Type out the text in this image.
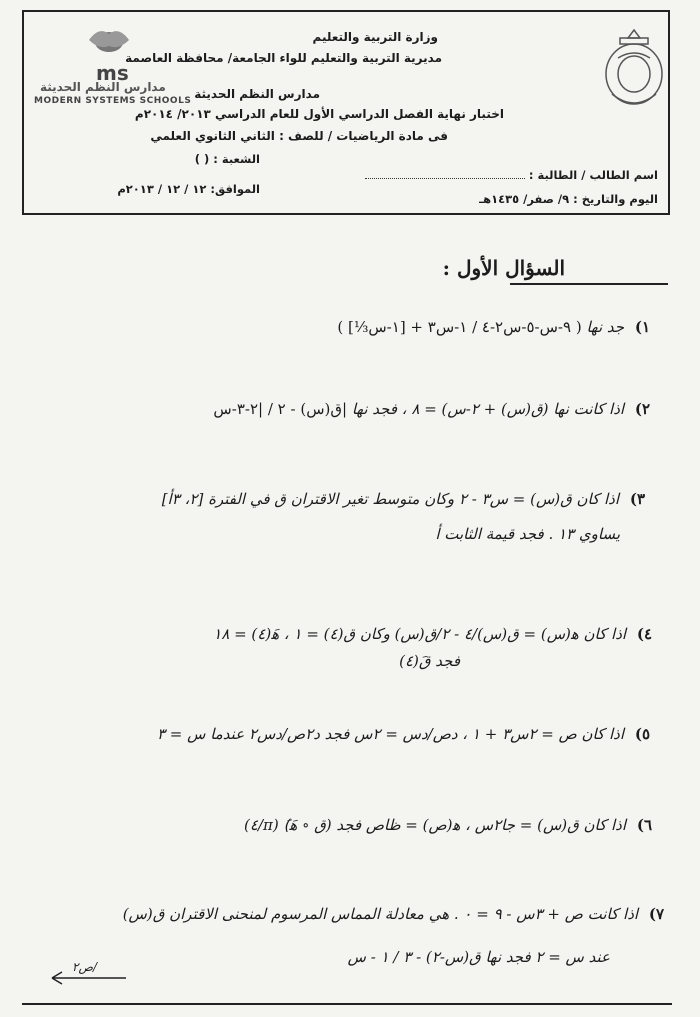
ms
مدارس النظم الحديثة
MODERN SYSTEMS SCHOOLS
وزارة التربية والتعليم
مديرية التربية والتعليم للواء الجامعة/ محافظة العاصمة
مدارس النظم الحديثة
اختبار نهاية الفصل الدراسي الأول للعام الدراسي ٢٠١٣/ ٢٠١٤م
فى مادة الرياضيات / للصف : الثاني الثانوي العلمي
اسم الطالب / الطالبة :
الشعبة : ( )
اليوم والتاريخ : ٩/ صفر/ ١٤٣٥هـ
الموافق: ١٢ / ١٢ / ٢٠١٣م
السؤال الأول :
١) جد نها ( ٩-س-٥-س٢-٤ / ١-س٣ + [١-س⅓] )
٢) اذا كانت نها (ق(س) + ٢-س) = ٨ ، فجد نها ق(س) - ٢ / |٢-٣-س|
٣) اذا كان ق(س) = س٣ - ٢ وكان متوسط تغير الاقتران ق في الفترة [٢، ٣ﺃ]
يساوي ١٣ . فجد قيمة الثابت ﺃ
٤) اذا كان ﻫ(س) = ق(س)/٤ - ٢/ق(س) وكان ق(٤) = ١ ، ﻫَ(٤) = ١٨
فجد قَ(٤)
٥) اذا كان ص = ٢س٣ + ١ ، دص/دس = ٢س فجد د٢ص/دس٢ عندما س = ٣
٦) اذا كان ق(س) = جا٢س ، ﻫ(ص) = ظاص فجد (ق ∘ ﻫَ)َ (π/٤)
٧) اذا كانت ص + ٣س - ٩ = ٠ . هي معادلة المماس المرسوم لمنحنى الاقتران ق(س)
عند س = ٢ فجد نها ق(س-٢) - ٣ / ١ - س
ص٢/
